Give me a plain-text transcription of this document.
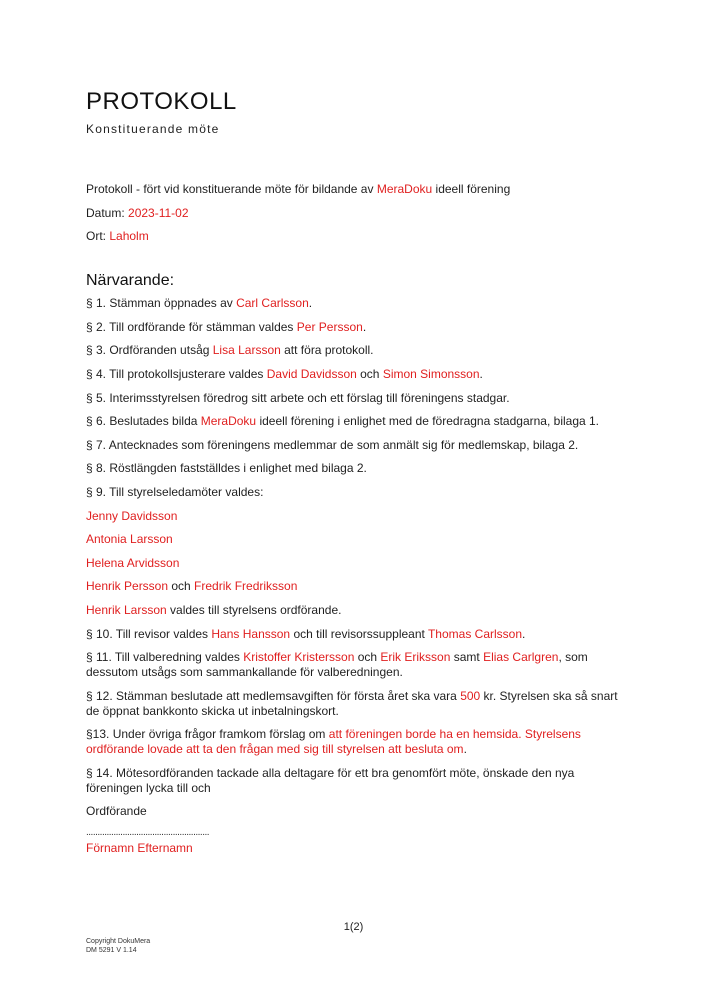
PROTOKOLL
Konstituerande möte

Protokoll - fört vid konstituerande möte för bildande av MeraDoku ideell förening

Datum: 2023-11-02

Ort: Laholm

Närvarande:

§ 1. Stämman öppnades av Carl Carlsson.

§ 2. Till ordförande för stämman valdes Per Persson.

§ 3. Ordföranden utsåg Lisa Larsson att föra protokoll.

§ 4. Till protokollsjusterare valdes David Davidsson och Simon Simonsson.

§ 5. Interimsstyrelsen föredrog sitt arbete och ett förslag till föreningens stadgar.

§ 6. Beslutades bilda MeraDoku ideell förening i enlighet med de föredragna stadgarna, bilaga 1.

§ 7. Antecknades som föreningens medlemmar de som anmält sig för medlemskap, bilaga 2.

§ 8. Röstlängden fastställdes i enlighet med bilaga 2.

§ 9. Till styrelseledamöter valdes:

Jenny Davidsson

Antonia Larsson

Helena Arvidsson

Henrik Persson och Fredrik Fredriksson

Henrik Larsson valdes till styrelsens ordförande.

§ 10. Till revisor valdes Hans Hansson och till revisorssuppleant Thomas Carlsson.

§ 11. Till valberedning valdes Kristoffer Kristersson och Erik Eriksson samt Elias Carlgren, som dessutom utsågs som sammankallande för valberedningen.

§ 12. Stämman beslutade att medlemsavgiften för första året ska vara 500 kr. Styrelsen ska så snart de öppnat bankkonto skicka ut inbetalningskort.

§13. Under övriga frågor framkom förslag om att föreningen borde ha en hemsida. Styrelsens ordförande lovade att ta den frågan med sig till styrelsen att besluta om.

§ 14. Mötesordföranden tackade alla deltagare för ett bra genomfört möte, önskade den nya föreningen lycka till och

Ordförande

......................................................

Förnamn Efternamn

1(2)
Copyright DokuMera
DM 5291 V 1.14
